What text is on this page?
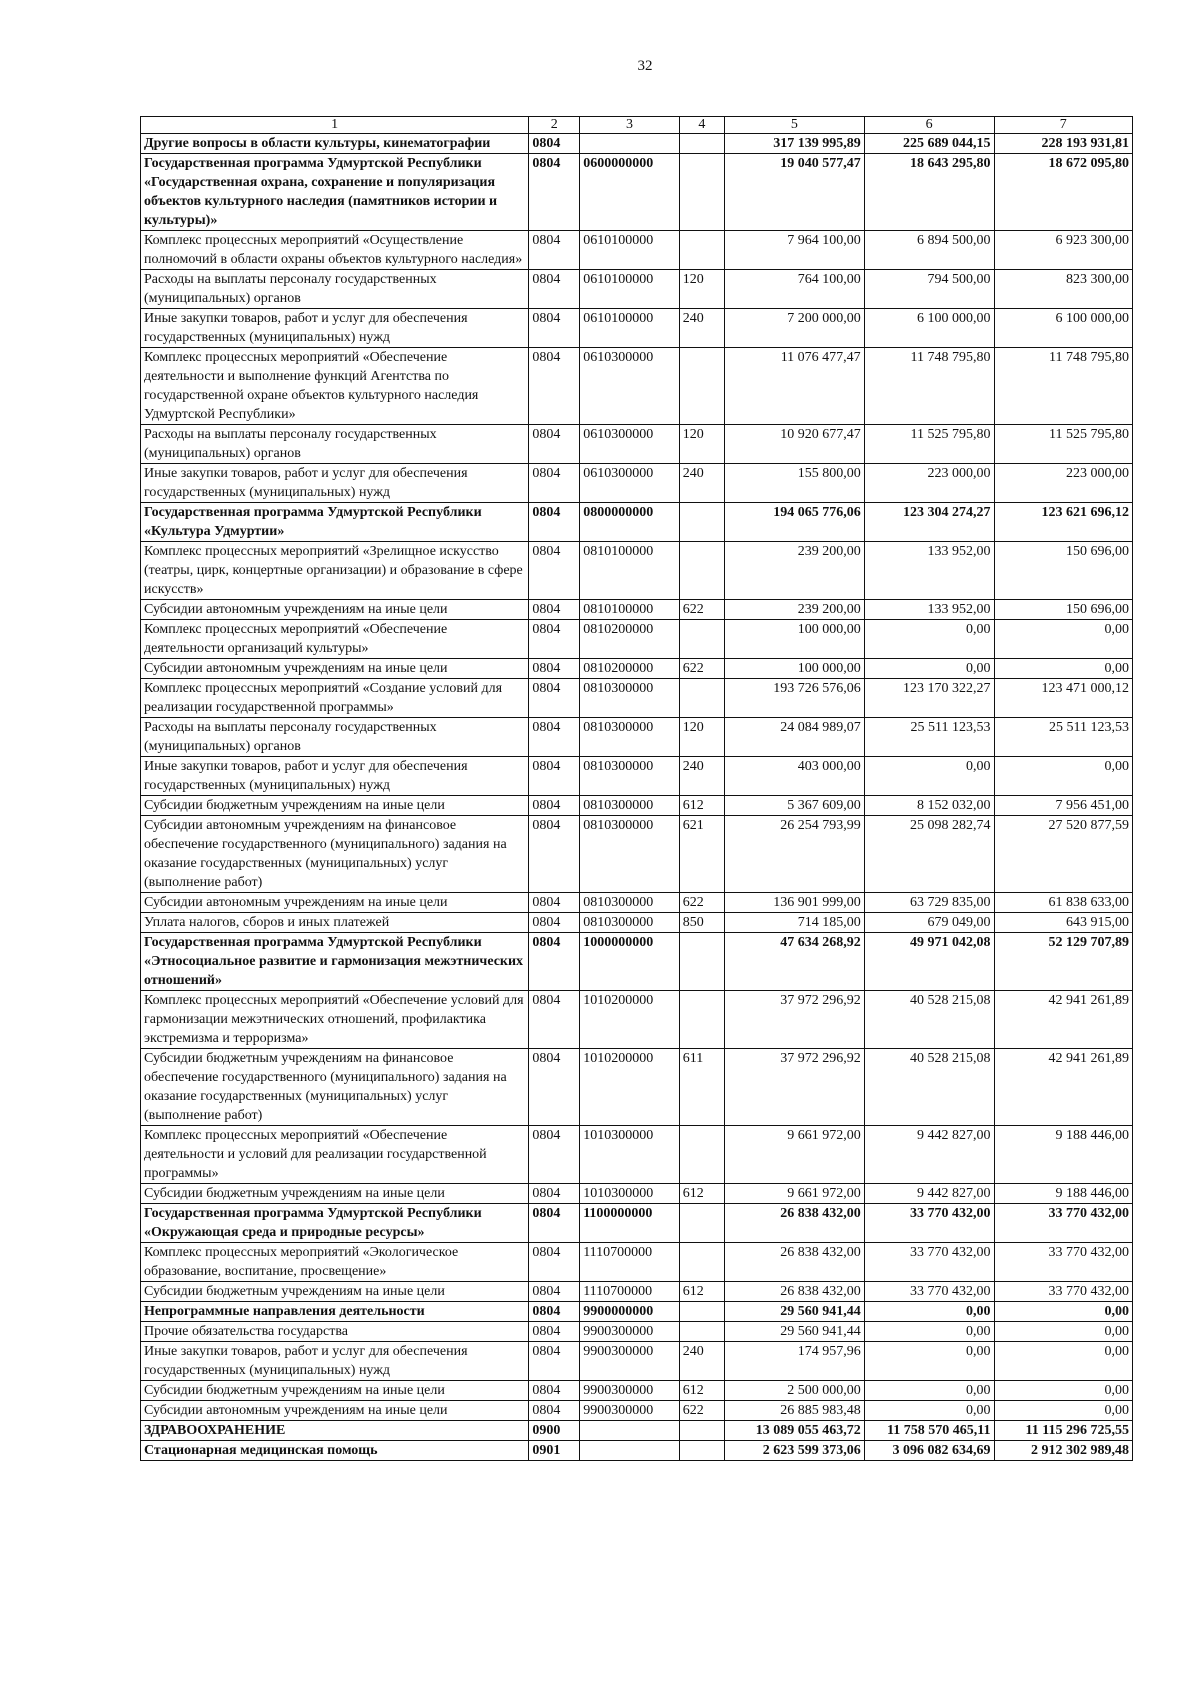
32
1	2	3	4	5	6	7
Другие вопросы в области культуры, кинематографии	0804			317 139 995,89	225 689 044,15	228 193 931,81
Государственная программа Удмуртской Республики «Государственная охрана, сохранение и популяризация объектов культурного наследия (памятников истории и культуры)»	0804	0600000000		19 040 577,47	18 643 295,80	18 672 095,80
Комплекс процессных мероприятий «Осуществление полномочий в области охраны объектов культурного наследия»	0804	0610100000		7 964 100,00	6 894 500,00	6 923 300,00
Расходы на выплаты персоналу государственных (муниципальных) органов	0804	0610100000	120	764 100,00	794 500,00	823 300,00
Иные закупки товаров, работ и услуг для обеспечения государственных (муниципальных) нужд	0804	0610100000	240	7 200 000,00	6 100 000,00	6 100 000,00
Комплекс процессных мероприятий «Обеспечение деятельности и выполнение функций Агентства по государственной охране объектов культурного наследия Удмуртской Республики»	0804	0610300000		11 076 477,47	11 748 795,80	11 748 795,80
Расходы на выплаты персоналу государственных (муниципальных) органов	0804	0610300000	120	10 920 677,47	11 525 795,80	11 525 795,80
Иные закупки товаров, работ и услуг для обеспечения государственных (муниципальных) нужд	0804	0610300000	240	155 800,00	223 000,00	223 000,00
Государственная программа Удмуртской Республики «Культура Удмуртии»	0804	0800000000		194 065 776,06	123 304 274,27	123 621 696,12
Комплекс процессных мероприятий «Зрелищное искусство (театры, цирк, концертные организации) и образование в сфере искусств»	0804	0810100000		239 200,00	133 952,00	150 696,00
Субсидии автономным учреждениям на иные цели	0804	0810100000	622	239 200,00	133 952,00	150 696,00
Комплекс процессных мероприятий «Обеспечение деятельности организаций культуры»	0804	0810200000		100 000,00	0,00	0,00
Субсидии автономным учреждениям на иные цели	0804	0810200000	622	100 000,00	0,00	0,00
Комплекс процессных мероприятий «Создание условий для реализации государственной программы»	0804	0810300000		193 726 576,06	123 170 322,27	123 471 000,12
Расходы на выплаты персоналу государственных (муниципальных) органов	0804	0810300000	120	24 084 989,07	25 511 123,53	25 511 123,53
Иные закупки товаров, работ и услуг для обеспечения государственных (муниципальных) нужд	0804	0810300000	240	403 000,00	0,00	0,00
Субсидии бюджетным учреждениям на иные цели	0804	0810300000	612	5 367 609,00	8 152 032,00	7 956 451,00
Субсидии автономным учреждениям на финансовое обеспечение государственного (муниципального) задания на оказание государственных (муниципальных) услуг (выполнение работ)	0804	0810300000	621	26 254 793,99	25 098 282,74	27 520 877,59
Субсидии автономным учреждениям на иные цели	0804	0810300000	622	136 901 999,00	63 729 835,00	61 838 633,00
Уплата налогов, сборов и иных платежей	0804	0810300000	850	714 185,00	679 049,00	643 915,00
Государственная программа Удмуртской Республики «Этносоциальное развитие и гармонизация межэтнических отношений»	0804	1000000000		47 634 268,92	49 971 042,08	52 129 707,89
Комплекс процессных мероприятий «Обеспечение условий для гармонизации межэтнических отношений, профилактика экстремизма и терроризма»	0804	1010200000		37 972 296,92	40 528 215,08	42 941 261,89
Субсидии бюджетным учреждениям на финансовое обеспечение государственного (муниципального) задания на оказание государственных (муниципальных) услуг (выполнение работ)	0804	1010200000	611	37 972 296,92	40 528 215,08	42 941 261,89
Комплекс процессных мероприятий «Обеспечение деятельности и условий для реализации государственной программы»	0804	1010300000		9 661 972,00	9 442 827,00	9 188 446,00
Субсидии бюджетным учреждениям на иные цели	0804	1010300000	612	9 661 972,00	9 442 827,00	9 188 446,00
Государственная программа Удмуртской Республики «Окружающая среда и природные ресурсы»	0804	1100000000		26 838 432,00	33 770 432,00	33 770 432,00
Комплекс процессных мероприятий «Экологическое образование, воспитание, просвещение»	0804	1110700000		26 838 432,00	33 770 432,00	33 770 432,00
Субсидии бюджетным учреждениям на иные цели	0804	1110700000	612	26 838 432,00	33 770 432,00	33 770 432,00
Непрограммные направления деятельности	0804	9900000000		29 560 941,44	0,00	0,00
Прочие обязательства государства	0804	9900300000		29 560 941,44	0,00	0,00
Иные закупки товаров, работ и услуг для обеспечения государственных (муниципальных) нужд	0804	9900300000	240	174 957,96	0,00	0,00
Субсидии бюджетным учреждениям на иные цели	0804	9900300000	612	2 500 000,00	0,00	0,00
Субсидии автономным учреждениям на иные цели	0804	9900300000	622	26 885 983,48	0,00	0,00
ЗДРАВООХРАНЕНИЕ	0900			13 089 055 463,72	11 758 570 465,11	11 115 296 725,55
Стационарная медицинская помощь	0901			2 623 599 373,06	3 096 082 634,69	2 912 302 989,48
